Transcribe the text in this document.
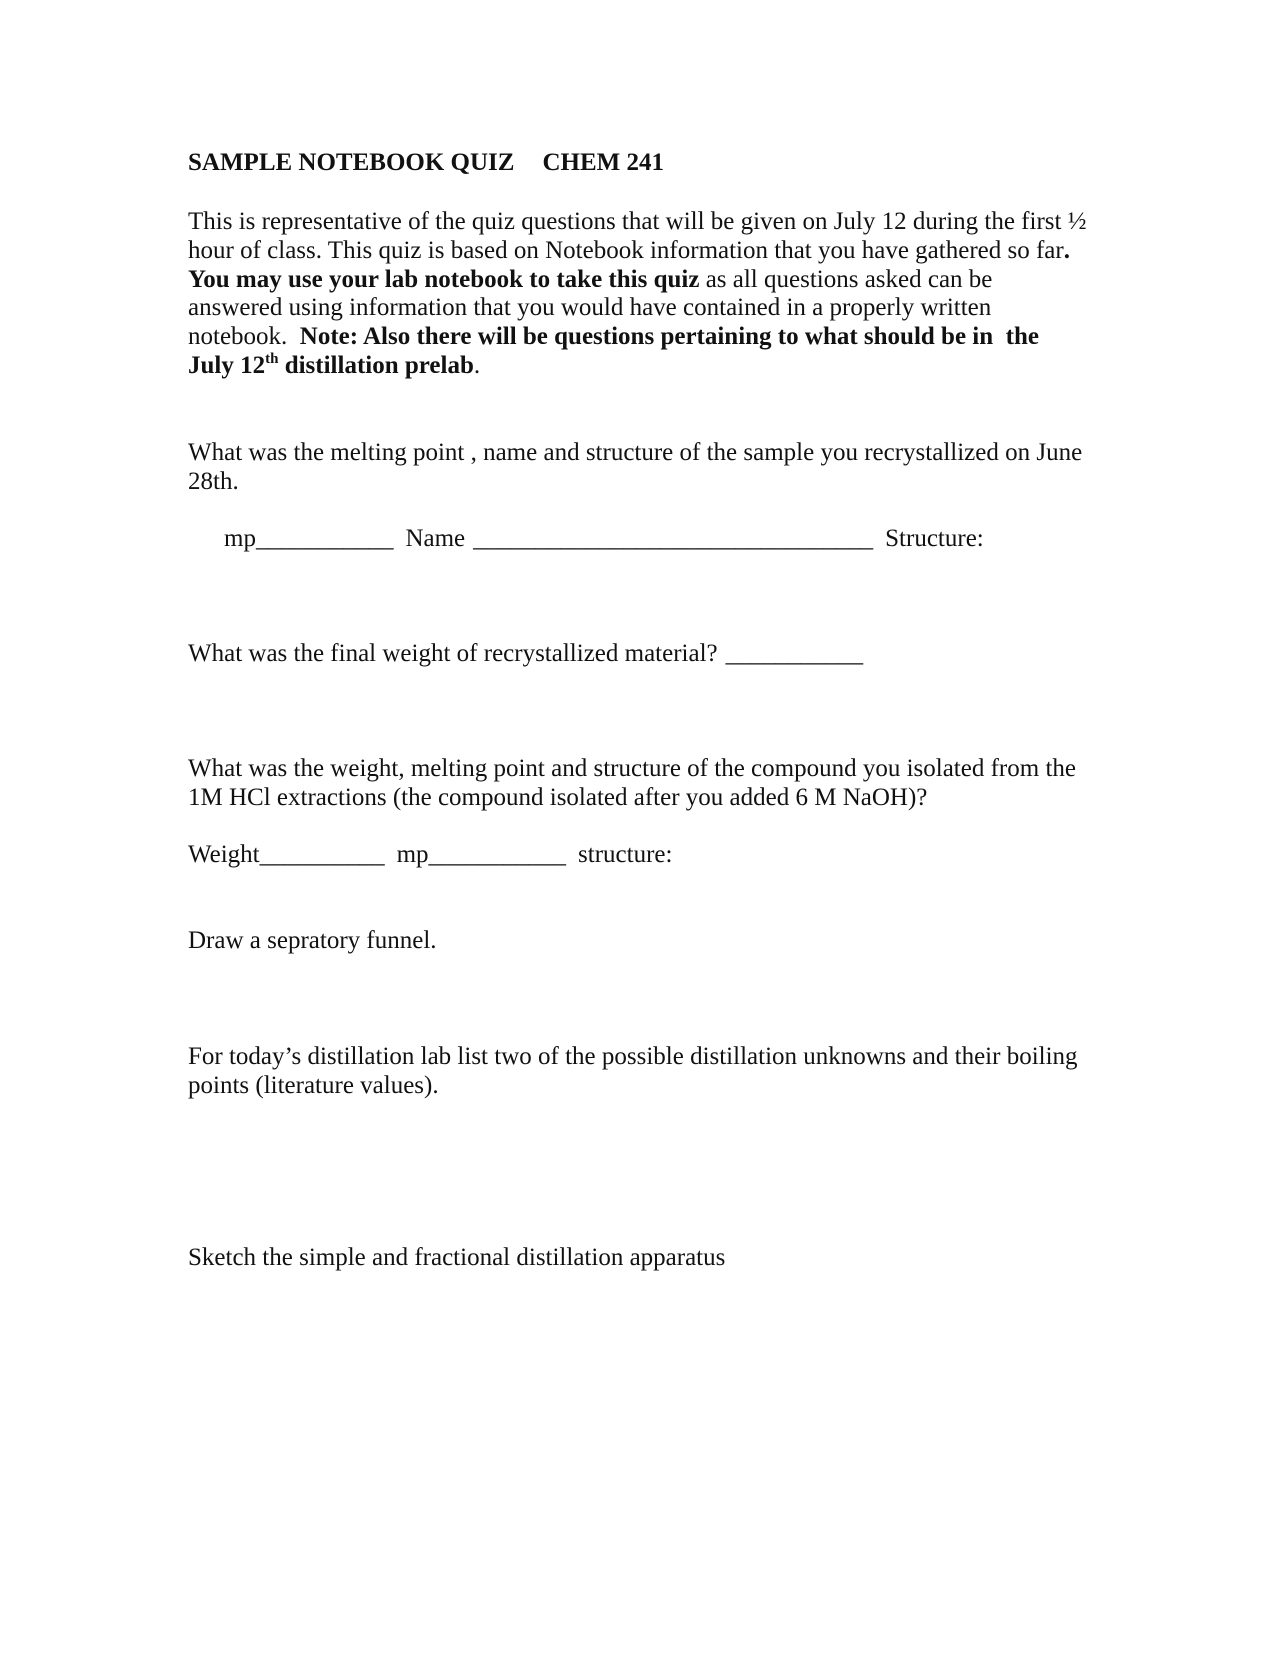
SAMPLE NOTEBOOK QUIZ CHEM 241
This is representative of the quiz questions that will be given on July 12 during the first ½
hour of class. This quiz is based on Notebook information that you have gathered so far.
You may use your lab notebook to take this quiz as all questions asked can be
answered using information that you would have contained in a properly written
notebook.  Note: Also there will be questions pertaining to what should be in  the
July 12th distillation prelab.
What was the melting point , name and structure of the sample you recrystallized on June
28th.
mp___________ Name ________________________________ Structure:
What was the final weight of recrystallized material? ___________
What was the weight, melting point and structure of the compound you isolated from the
1M HCl extractions (the compound isolated after you added 6 M NaOH)?
Weight__________ mp___________ structure:
Draw a sepratory funnel.
For today’s distillation lab list two of the possible distillation unknowns and their boiling
points (literature values).
Sketch the simple and fractional distillation apparatus
